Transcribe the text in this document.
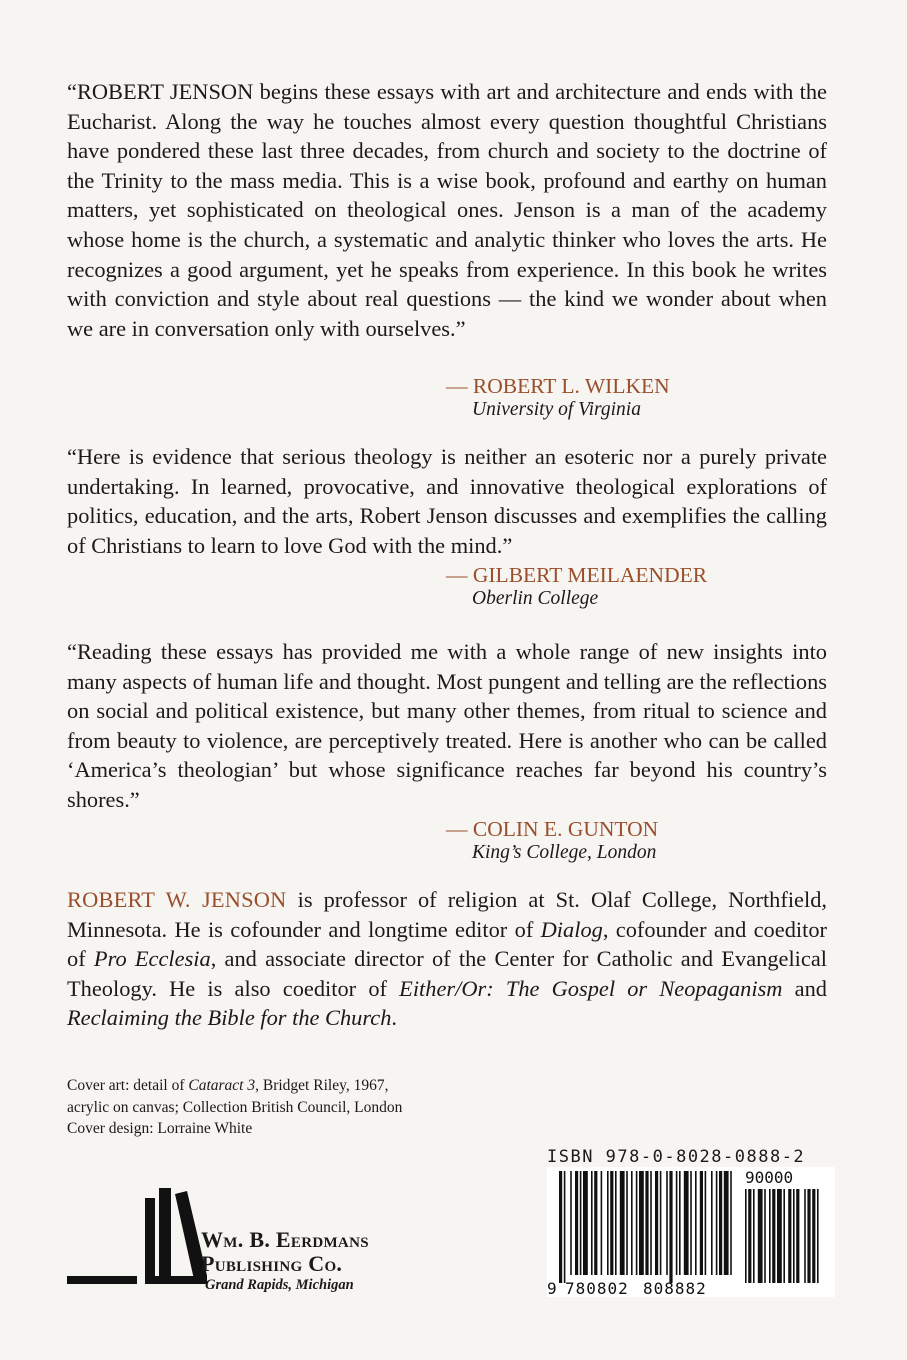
“ROBERT JENSON begins these essays with art and architecture and ends with the Eucharist. Along the way he touches almost every question thoughtful Christians have pondered these last three decades, from church and society to the doctrine of the Trinity to the mass media. This is a wise book, profound and earthy on human matters, yet sophisticated on theological ones. Jenson is a man of the academy whose home is the church, a systematic and analytic thinker who loves the arts. He recognizes a good argument, yet he speaks from experience. In this book he writes with conviction and style about real questions — the kind we wonder about when we are in conversation only with ourselves.”

— ROBERT L. WILKEN
University of Virginia

“Here is evidence that serious theology is neither an esoteric nor a purely private undertaking. In learned, provocative, and innovative theological explorations of politics, education, and the arts, Robert Jenson discusses and exemplifies the calling of Christians to learn to love God with the mind.”

— GILBERT MEILAENDER
Oberlin College

“Reading these essays has provided me with a whole range of new insights into many aspects of human life and thought. Most pungent and telling are the reflections on social and political existence, but many other themes, from ritual to science and from beauty to violence, are perceptively treated. Here is another who can be called ‘America’s theologian’ but whose significance reaches far beyond his country’s shores.”

— COLIN E. GUNTON
King’s College, London

ROBERT W. JENSON is professor of religion at St. Olaf College, Northfield, Minnesota. He is cofounder and longtime editor of Dialog, cofounder and coeditor of Pro Ecclesia, and associate director of the Center for Catholic and Evangelical Theology. He is also coeditor of Either/Or: The Gospel or Neopaganism and Reclaiming the Bible for the Church.

Cover art: detail of Cataract 3, Bridget Riley, 1967,

acrylic on canvas; Collection British Council, London

Cover design: Lorraine White

ISBN 978-0-8028-0888-2

90000
9 780802 808882
Wm. B. Eerdmans
Publishing Co.
Grand Rapids, Michigan
